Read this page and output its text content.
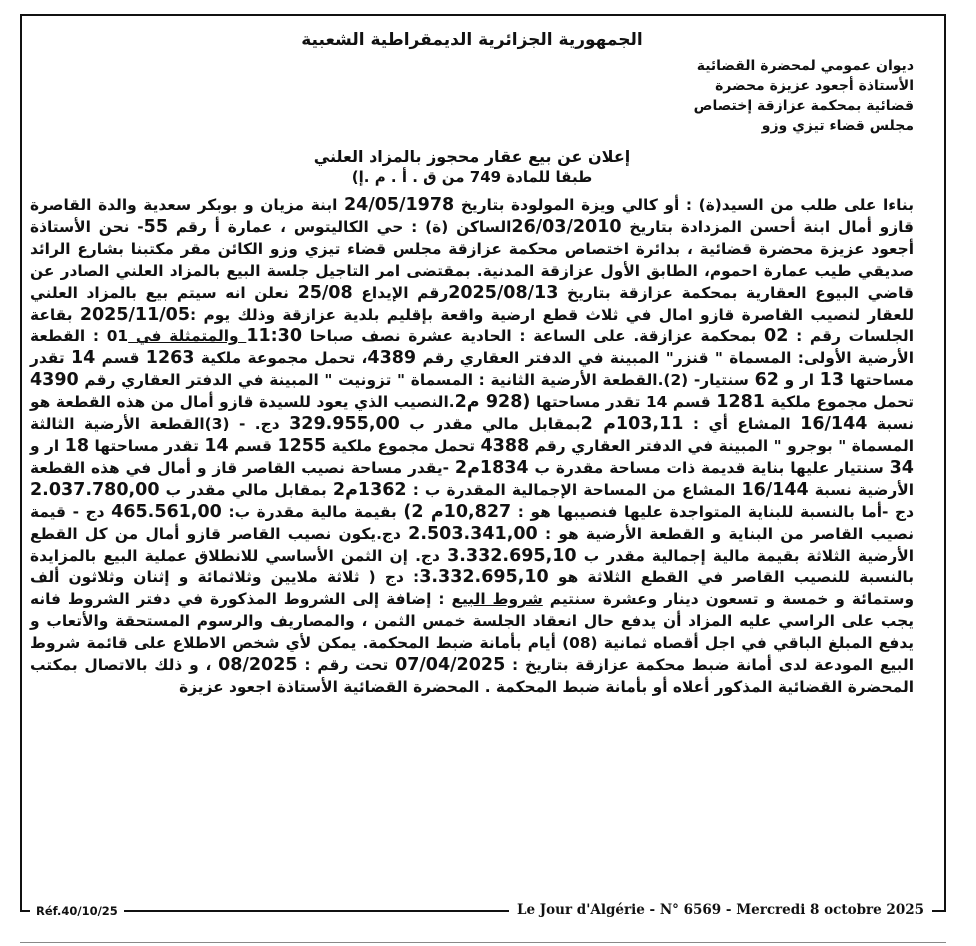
الجمهورية الجزائرية الديمقراطية الشعبية
ديوان عمومي لمحضرة القضائية
الأستاذة أجعود عزيزة محضرة
قضائية بمحكمة عزازقة إختصاص
مجلس قضاء تيزي وزو
إعلان عن بيع عقار محجوز بالمزاد العلني
طبقا للمادة 749 من ق . أ . م .إ)
بناءا على طلب من السيد(ة) : أو كالي ويزة المولودة بتاريخ 24/05/1978 ابنة مزيان و بوبكر سعدية والدة القاصرة قازو أمال ابنة أحسن المزدادة بتاريخ 26/03/2010الساكن (ة) : حي الكاليتوس ، عمارة أ رقم 55- نحن الأستاذة أجعود عزيزة محضرة قضائية ، بدائرة اختصاص محكمة عزازقة مجلس قضاء تيزي وزو الكائن مقر مكتبنا بشارع الرائد صديقي طيب عمارة احموم، الطابق الأول عزازقة المدنية. بمقتضى امر التاجيل جلسة البيع بالمزاد العلني الصادر عن قاضي البيوع العقارية بمحكمة عزازقة بتاريخ 2025/08/13رقم الإيداع 25/08 نعلن انه سيتم بيع بالمزاد العلني للعقار لنصيب القاصرة قازو امال في ثلاث قطع ارضية واقعة بإقليم بلدية عزازقة وذلك يوم :2025/11/05 بقاعة الجلسات رقم : 02 بمحكمة عزازقة. على الساعة : الحادية عشرة نصف صباحا 11:30 والمتمثلة في 01 : القطعة الأرضية الأولى: المسماة " قنزر" المبينة في الدفتر العقاري رقم 4389، تحمل مجموعة ملكية 1263 قسم 14 تقدر مساحتها 13 ار و 62 سنتيار- (2).القطعة الأرضية الثانية : المسماة " تزونيت " المبينة في الدفتر العقاري رقم 4390 تحمل مجموع ملكية 1281 قسم 14 تقدر مساحتها (928 م2.النصيب الذي يعود للسيدة قازو أمال من هذه القطعة هو نسبة 16/144 المشاع أي : 103,11م 2بمقابل مالي مقدر ب 329.955,00 دج. - (3)القطعة الأرضية الثالثة المسماة " بوجرو " المبينة في الدفتر العقاري رقم 4388 تحمل مجموع ملكية 1255 قسم 14 تقدر مساحتها 18 ار و 34 سنتيار عليها بناية قديمة ذات مساحة مقدرة ب 1834م2 -يقدر مساحة نصيب القاصر قاز و أمال في هذه القطعة الأرضية نسبة 16/144 المشاع من المساحة الإجمالية المقدرة ب : 1362م2 بمقابل مالي مقدر ب 2.037.780,00 دج -أما بالنسبة للبناية المتواجدة عليها فنصيبها هو : 10,827م 2) بقيمة مالية مقدرة ب: 465.561,00 دج - قيمة نصيب القاصر من البناية و القطعة الأرضية هو : 2.503.341,00 دج.يكون نصيب القاصر قازو أمال من كل القطع الأرضية الثلاثة بقيمة مالية إجمالية مقدر ب 3.332.695,10 دج. إن الثمن الأساسي للانطلاق عملية البيع بالمزايدة بالنسبة للنصيب القاصر في القطع الثلاثة هو 3.332.695,10: دج ( ثلاثة ملايين وثلاثمائة و إثنان وثلاثون ألف وستمائة و خمسة و تسعون دينار وعشرة سنتيم شروط البيع : إضافة إلى الشروط المذكورة في دفتر الشروط فانه يجب على الراسي عليه المزاد أن يدفع حال انعقاد الجلسة خمس الثمن ، والمصاريف والرسوم المستحقة والأتعاب و يدفع المبلغ الباقي في اجل أقصاه ثمانية (08) أيام بأمانة ضبط المحكمة. يمكن لأي شخص الاطلاع على قائمة شروط البيع المودعة لدى أمانة ضبط محكمة عزازقة بتاريخ : 07/04/2025 تحت رقم : 08/2025 ، و ذلك بالاتصال بمكتب المحضرة القضائية المذكور أعلاه أو بأمانة ضبط المحكمة . المحضرة القضائية الأستاذة اجعود عزيزة
Réf.40/10/25	Le Jour d'Algérie - N° 6569 - Mercredi 8 octobre 2025
